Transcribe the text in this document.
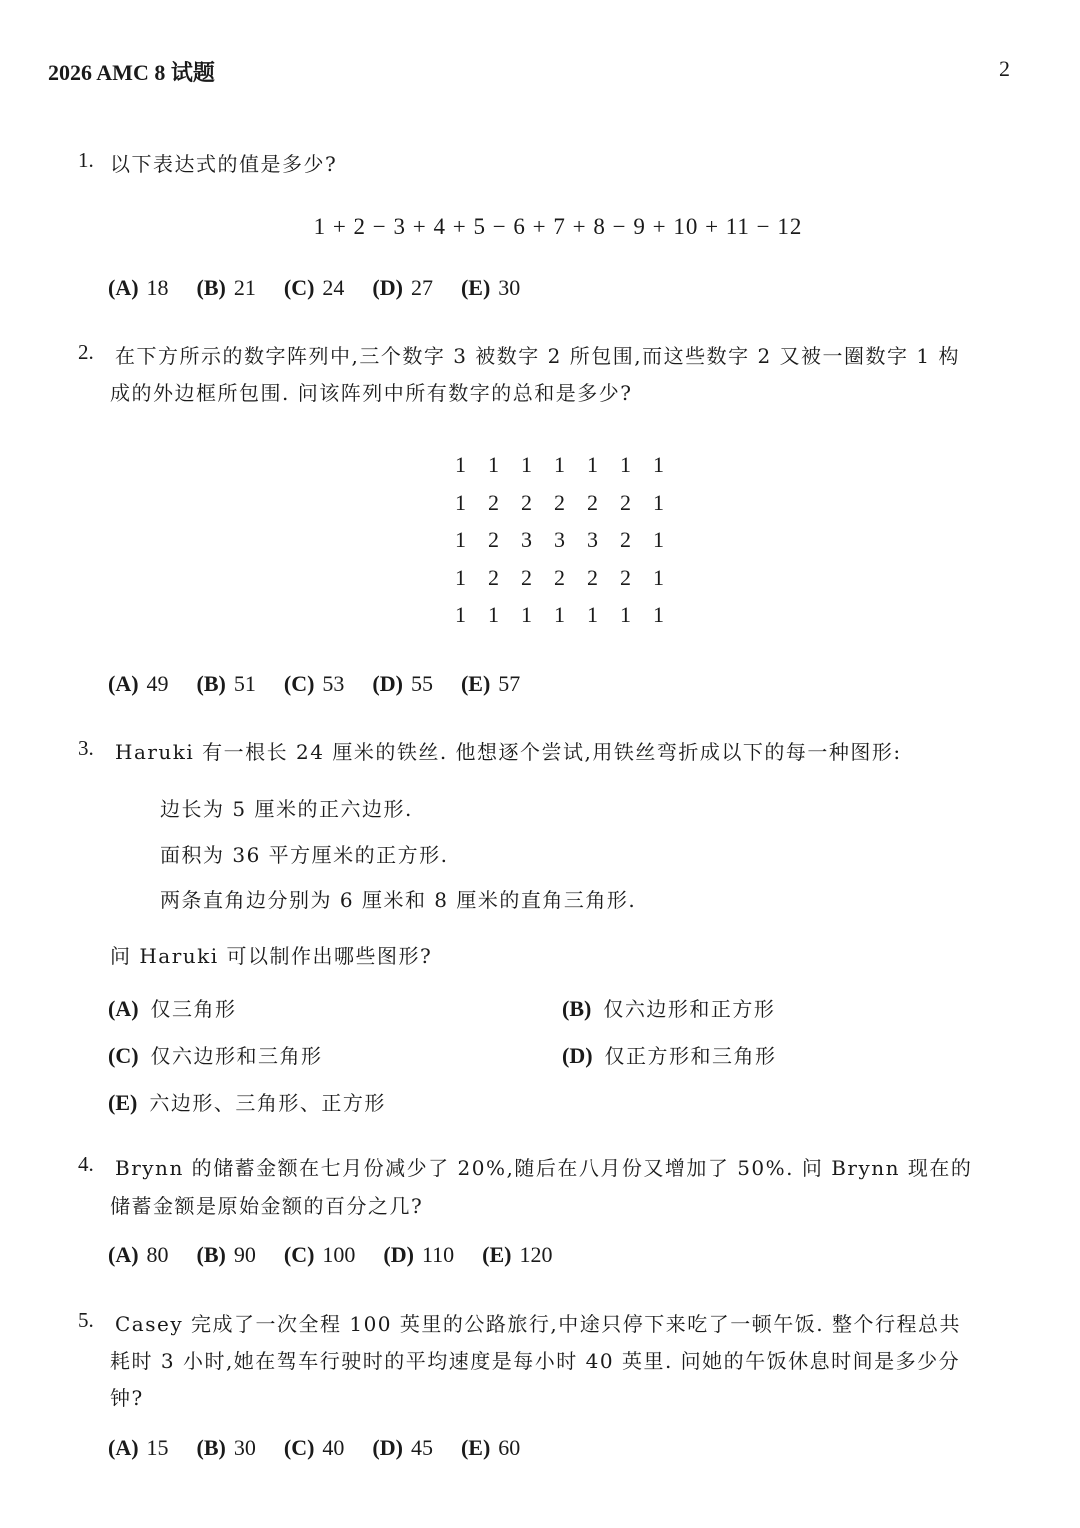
2026 AMC 8 试题	2
1. 以下表达式的值是多少?
1 + 2 − 3 + 4 + 5 − 6 + 7 + 8 − 9 + 10 + 11 − 12
(A) 18 (B) 21 (C) 24 (D) 27 (E) 30
2. 在下方所示的数字阵列中,三个数字 3 被数字 2 所包围,而这些数字 2 又被一圈数字 1 构
成的外边框所包围. 问该阵列中所有数字的总和是多少?
1	1	1	1	1	1	1
1	2	2	2	2	2	1
1	2	3	3	3	2	1
1	2	2	2	2	2	1
1	1	1	1	1	1	1
(A) 49 (B) 51 (C) 53 (D) 55 (E) 57
3. Haruki 有一根长 24 厘米的铁丝. 他想逐个尝试,用铁丝弯折成以下的每一种图形:
边长为 5 厘米的正六边形.
面积为 36 平方厘米的正方形.
两条直角边分别为 6 厘米和 8 厘米的直角三角形.
问 Haruki 可以制作出哪些图形?
(A) 仅三角形	(B) 仅六边形和正方形
(C) 仅六边形和三角形	(D) 仅正方形和三角形
(E) 六边形、三角形、正方形
4. Brynn 的储蓄金额在七月份减少了 20%,随后在八月份又增加了 50%. 问 Brynn 现在的
储蓄金额是原始金额的百分之几?
(A) 80 (B) 90 (C) 100 (D) 110 (E) 120
5. Casey 完成了一次全程 100 英里的公路旅行,中途只停下来吃了一顿午饭. 整个行程总共
耗时 3 小时,她在驾车行驶时的平均速度是每小时 40 英里. 问她的午饭休息时间是多少分
钟?
(A) 15 (B) 30 (C) 40 (D) 45 (E) 60
